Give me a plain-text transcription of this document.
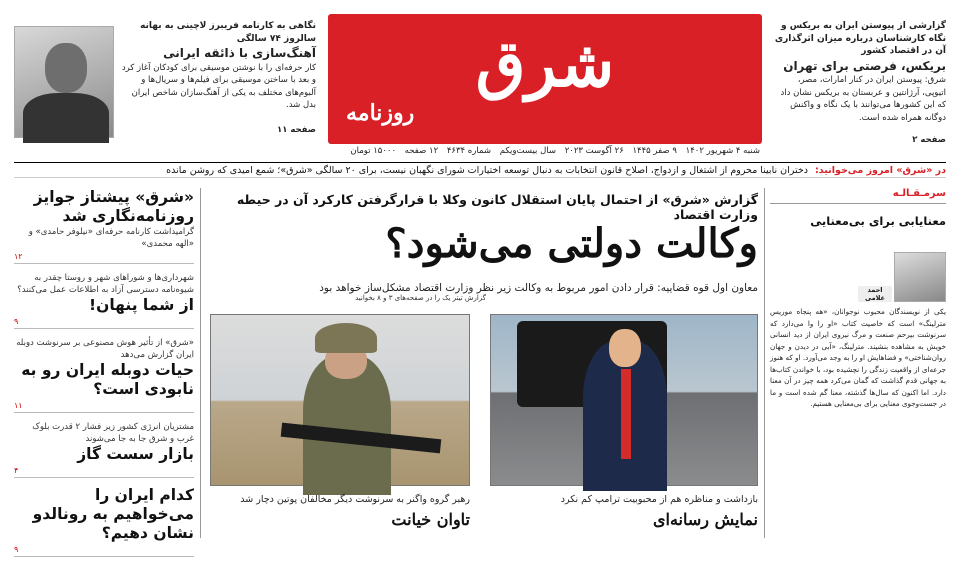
گزارشی از پیوستن ایران به بریکس و نگاه کارشناسان درباره میزان اثرگذاری آن در اقتصاد کشور
بریکس، فرصتی برای تهران
شرق: پیوستن ایران در کنار امارات، مصر، اتیوپی، آرژانتین و عربستان به بریکس نشان داد که این کشورها می‌توانند با یک نگاه و واکنش دوگانه همراه شده است.
صفحه ۲
شرق
روزنامه
شنبه ۴ شهریور ۱۴۰۲ ۹ صفر ۱۴۴۵ ۲۶ آگوست ۲۰۲۳ سال بیست‌ویکم شماره ۴۶۳۴ ۱۲ صفحه ۱۵۰۰۰ تومان
نگاهی به کارنامه فریبرز لاچینی به بهانه سالروز ۷۴ سالگی
آهنگ‌سازی با ذائقه ایرانی
کار حرفه‌ای را با نوشتن موسیقی برای کودکان آغاز کرد و بعد با ساختن موسیقی برای فیلم‌ها و سریال‌ها و آلبوم‌های مختلف به یکی از آهنگ‌سازان شاخص ایران بدل شد.
صفحه ۱۱
در «شرق» امروز می‌خوانید: دختران نابینا محروم از اشتغال و ازدواج، اصلاح قانون انتخابات به دنبال توسعه اختیارات شورای نگهبان نیست، برای ۲۰ سالگی «شرق»؛ شمع امیدی که روشن مانده
«شرق» پیشتاز جوایز روزنامه‌نگاری شد
گرامیداشت کارنامه حرفه‌ای «نیلوفر حامدی» و «الهه محمدی»
۱۲
شهرداری‌ها و شوراهای شهر و روستا چقدر به شیوه‌نامه دسترسی آزاد به اطلاعات عمل می‌کنند؟
از شما پنهان!
۹
«شرق» از تأثیر هوش مصنوعی بر سرنوشت دوبله ایران گزارش می‌دهد
حیات دوبله ایران رو به نابودی است؟
۱۱
مشتریان انرژی کشور زیر فشار ۲ قدرت بلوک غرب و شرق جا به جا می‌شوند
بازار سست گاز
۴
کدام ایران را می‌خواهیم به رونالدو نشان دهیم؟
۹
گزارش «شرق» از احتمال پایان استقلال کانون وکلا با قرارگرفتن کارکرد آن در حیطه وزارت اقتصاد
وکالت دولتی می‌شود؟
معاون اول قوه قضاییه: قرار دادن امور مربوط به وکالت زیر نظر وزارت اقتصاد مشکل‌ساز خواهد بود
گزارش تیتر یک را در صفحه‌های ۳ و ۸ بخوانید
بازداشت و مناظره هم از محبوبیت ترامپ کم نکرد
نمایش رسانه‌ای
رهبر گروه واگنر به سرنوشت دیگر مخالفان پوتین دچار شد
تاوان خیانت
سرمـقـالـه
معنایابی برای بی‌معنایی
احمد غلامی
یکی از نویسندگان محبوب نوجوانان، «هه پنجاه موریس مترلینگ» است که خاصیت کتاب «او را وا می‌دارد که سرنوشت بیرحم صنعت و مرگ نیروی ایران از دید انسانی خویش به مشاهده بنشیند. مترلینگ، «آبی در دیدن و جهان روان‌شناختی» و فضاهایش او را به وجد می‌آورد. او که هنوز جرعه‌ای از واقعیت زندگی را نچشیده بود، با خواندن کتاب‌ها به جهانی قدم گذاشت که گمان می‌کرد همه چیز در آن معنا دارد. اما اکنون که سال‌ها گذشته، معنا گم شده است و ما در جست‌وجوی معنایی برای بی‌معنایی هستیم.
